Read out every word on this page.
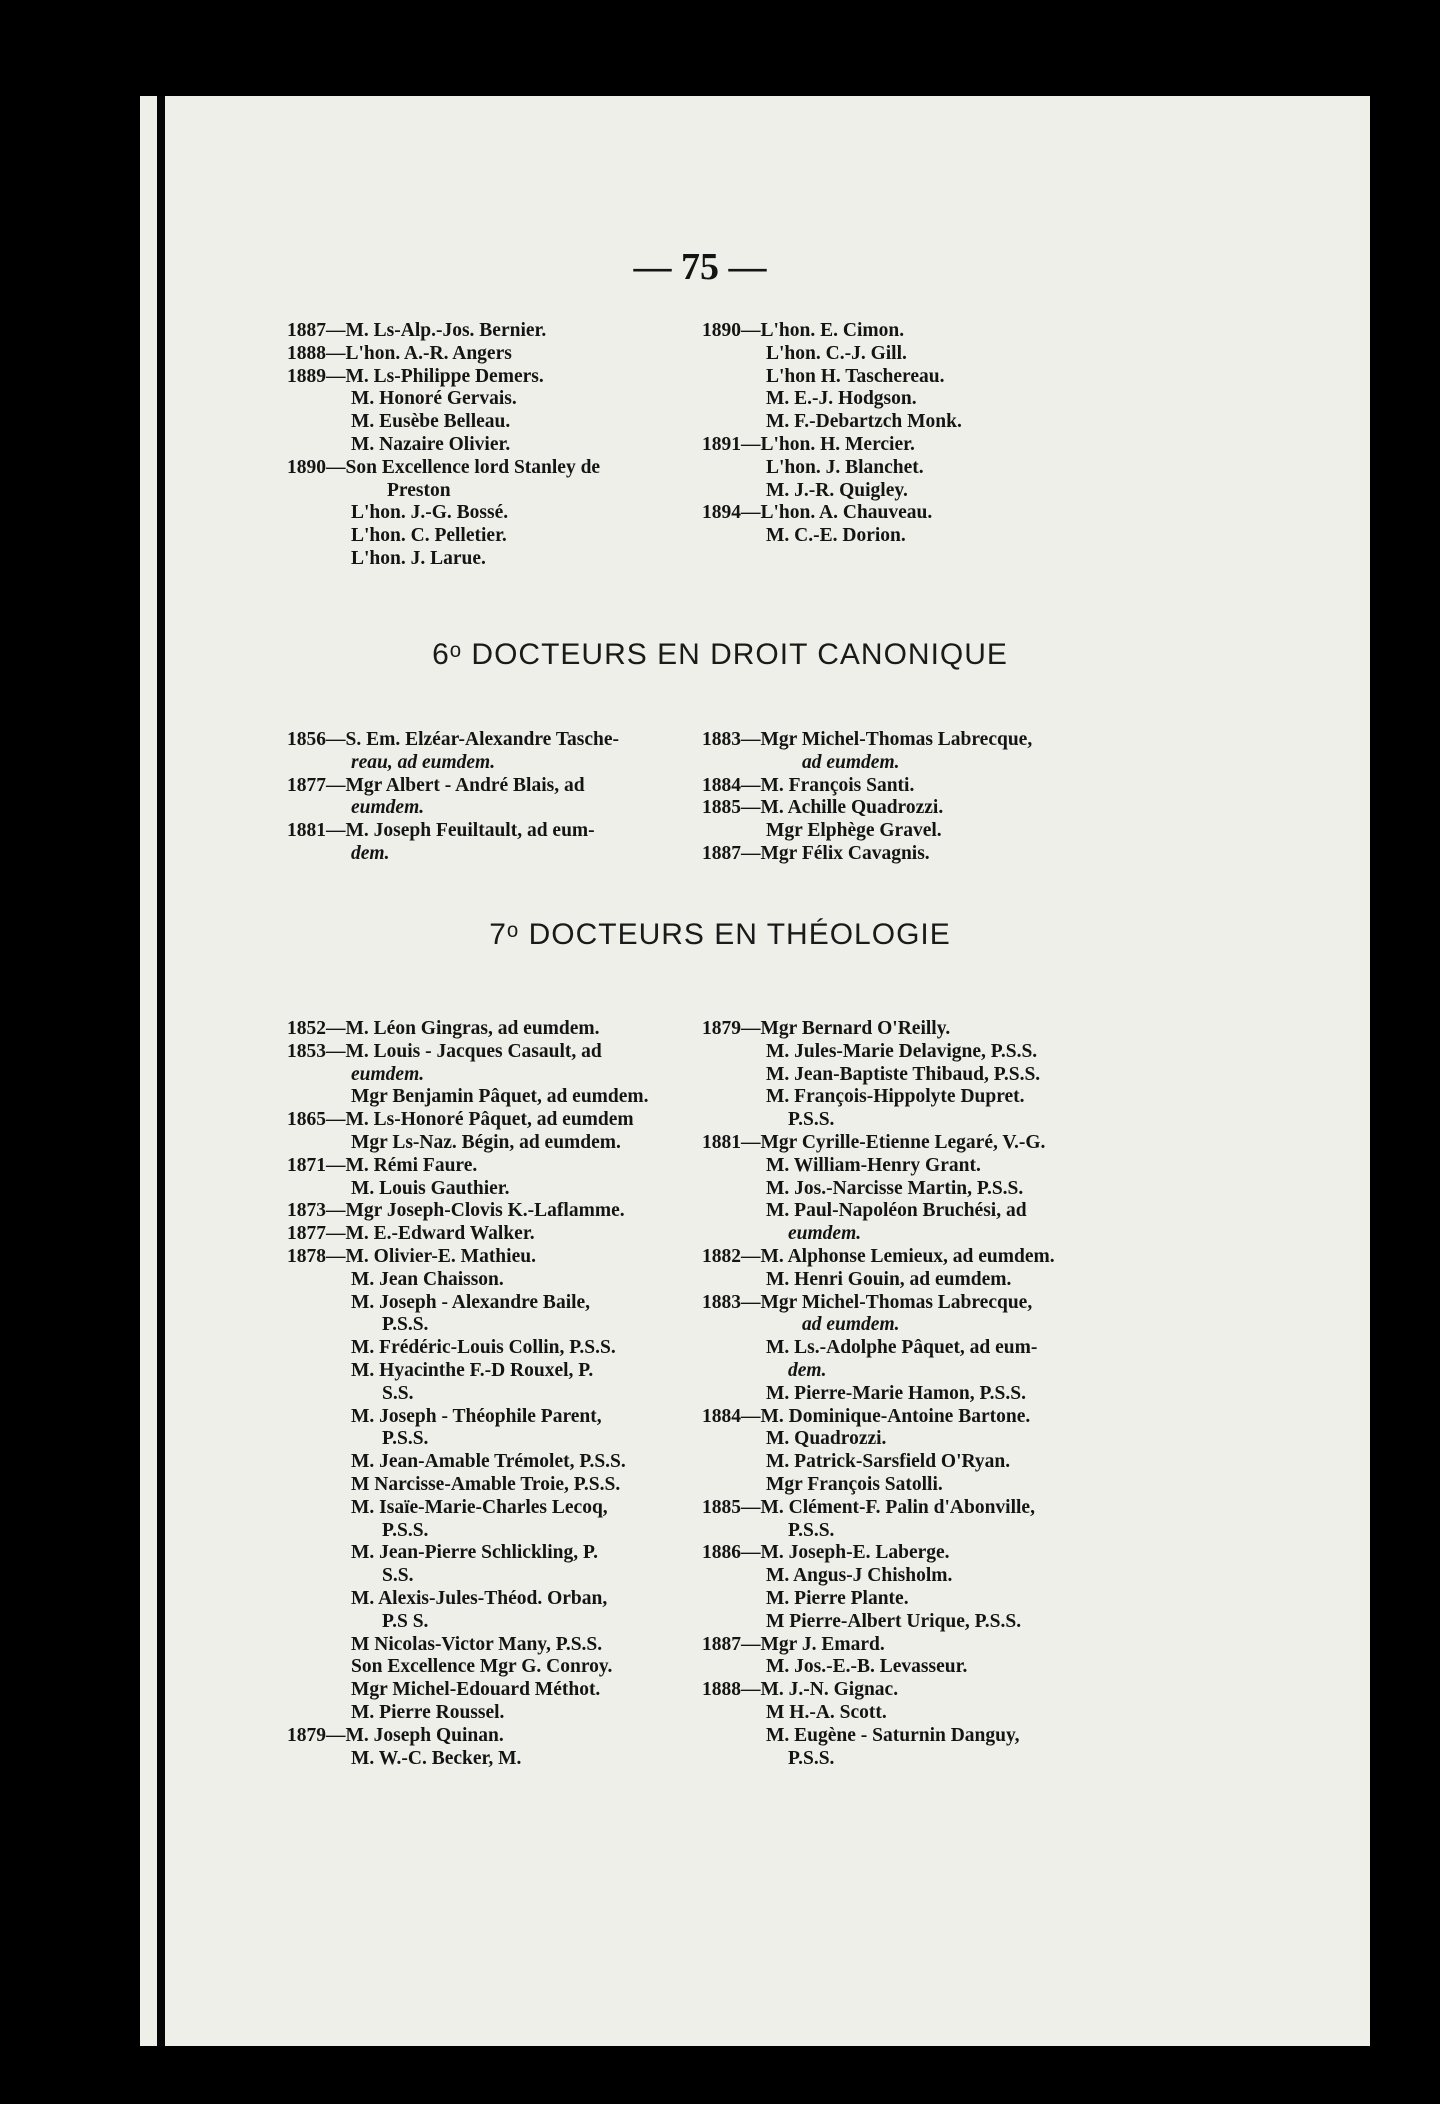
— 75 —
1887—M. Ls-Alp.-Jos. Bernier.
1888—L'hon. A.-R. Angers
1889—M. Ls-Philippe Demers.
M. Honoré Gervais.
M. Eusèbe Belleau.
M. Nazaire Olivier.
1890—Son Excellence lord Stanley de
Preston
L'hon. J.-G. Bossé.
L'hon. C. Pelletier.
L'hon. J. Larue.
1890—L'hon. E. Cimon.
L'hon. C.-J. Gill.
L'hon H. Taschereau.
M. E.-J. Hodgson.
M. F.-Debartzch Monk.
1891—L'hon. H. Mercier.
L'hon. J. Blanchet.
M. J.-R. Quigley.
1894—L'hon. A. Chauveau.
M. C.-E. Dorion.
6ᵒ DOCTEURS EN DROIT CANONIQUE
1856—S. Em. Elzéar-Alexandre Tasche-
reau, ad eumdem.
1877—Mgr Albert - André Blais, ad
eumdem.
1881—M. Joseph Feuiltault, ad eum-
dem.
1883—Mgr Michel-Thomas Labrecque,
ad eumdem.
1884—M. François Santi.
1885—M. Achille Quadrozzi.
Mgr Elphège Gravel.
1887—Mgr Félix Cavagnis.
7ᵒ DOCTEURS EN THÉOLOGIE
1852—M. Léon Gingras, ad eumdem.
1853—M. Louis - Jacques Casault, ad
eumdem.
Mgr Benjamin Pâquet, ad eumdem.
1865—M. Ls-Honoré Pâquet, ad eumdem
Mgr Ls-Naz. Bégin, ad eumdem.
1871—M. Rémi Faure.
M. Louis Gauthier.
1873—Mgr Joseph-Clovis K.-Laflamme.
1877—M. E.-Edward Walker.
1878—M. Olivier-E. Mathieu.
M. Jean Chaisson.
M. Joseph - Alexandre Baile,
P.S.S.
M. Frédéric-Louis Collin, P.S.S.
M. Hyacinthe F.-D Rouxel, P.
S.S.
M. Joseph - Théophile Parent,
P.S.S.
M. Jean-Amable Trémolet, P.S.S.
M Narcisse-Amable Troie, P.S.S.
M. Isaïe-Marie-Charles Lecoq,
P.S.S.
M. Jean-Pierre Schlickling, P.
S.S.
M. Alexis-Jules-Théod. Orban,
P.S S.
M Nicolas-Victor Many, P.S.S.
Son Excellence Mgr G. Conroy.
Mgr Michel-Edouard Méthot.
M. Pierre Roussel.
1879—M. Joseph Quinan.
M. W.-C. Becker, M.
1879—Mgr Bernard O'Reilly.
M. Jules-Marie Delavigne, P.S.S.
M. Jean-Baptiste Thibaud, P.S.S.
M. François-Hippolyte Dupret.
P.S.S.
1881—Mgr Cyrille-Etienne Legaré, V.-G.
M. William-Henry Grant.
M. Jos.-Narcisse Martin, P.S.S.
M. Paul-Napoléon Bruchési, ad
eumdem.
1882—M. Alphonse Lemieux, ad eumdem.
M. Henri Gouin, ad eumdem.
1883—Mgr Michel-Thomas Labrecque,
ad eumdem.
M. Ls.-Adolphe Pâquet, ad eum-
dem.
M. Pierre-Marie Hamon, P.S.S.
1884—M. Dominique-Antoine Bartone.
M. Quadrozzi.
M. Patrick-Sarsfield O'Ryan.
Mgr François Satolli.
1885—M. Clément-F. Palin d'Abonville,
P.S.S.
1886—M. Joseph-E. Laberge.
M. Angus-J Chisholm.
M. Pierre Plante.
M Pierre-Albert Urique, P.S.S.
1887—Mgr J. Emard.
M. Jos.-E.-B. Levasseur.
1888—M. J.-N. Gignac.
M H.-A. Scott.
M. Eugène - Saturnin Danguy,
P.S.S.
